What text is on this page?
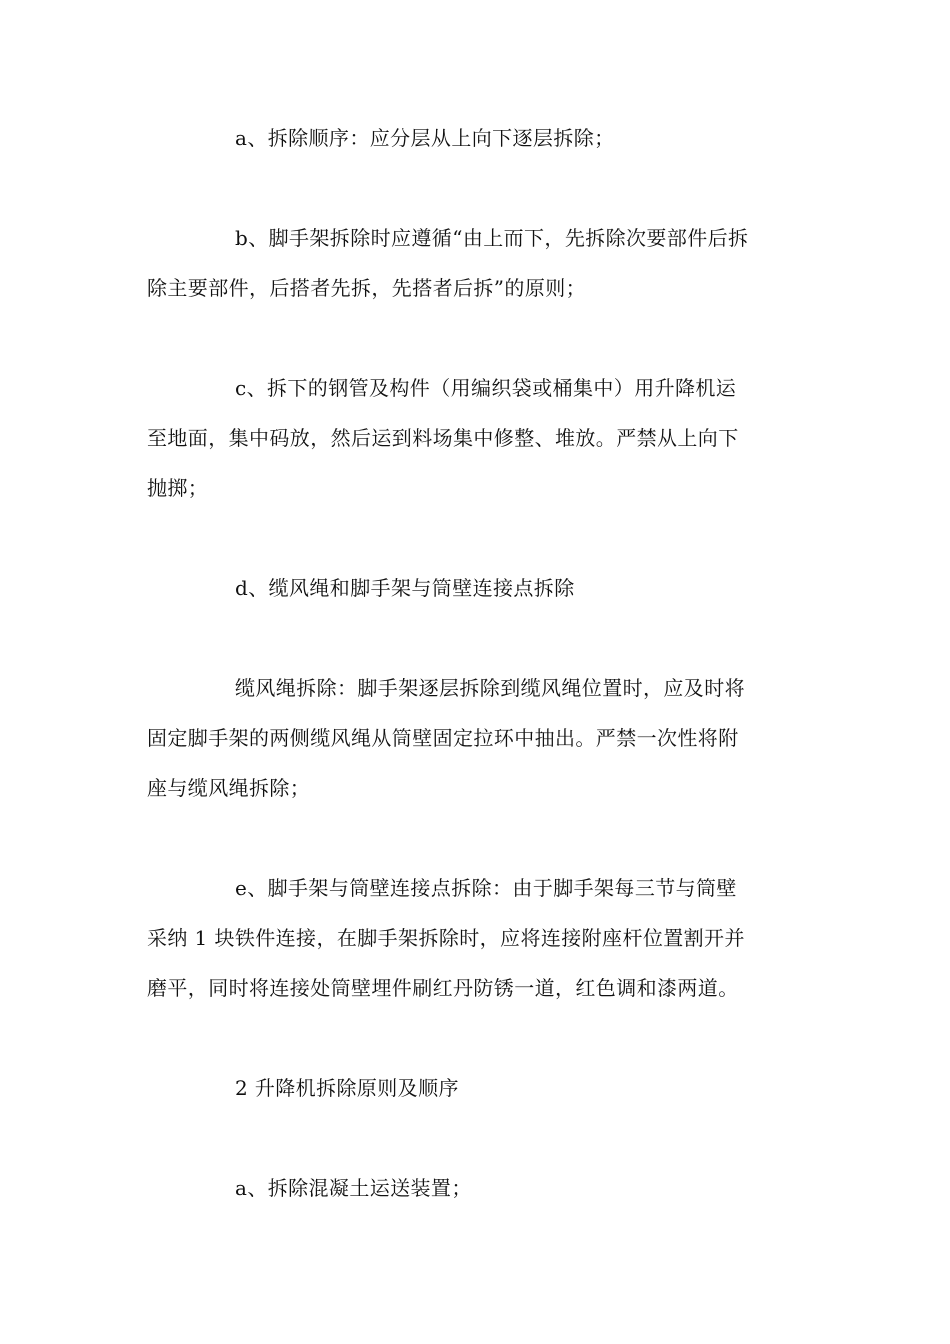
a、拆除顺序：应分层从上向下逐层拆除；
b、脚手架拆除时应遵循“由上而下，先拆除次要部件后拆
除主要部件，后搭者先拆，先搭者后拆”的原则；
c、拆下的钢管及构件（用编织袋或桶集中）用升降机运
至地面，集中码放，然后运到料场集中修整、堆放。严禁从上向下
抛掷；
d、缆风绳和脚手架与筒壁连接点拆除
缆风绳拆除：脚手架逐层拆除到缆风绳位置时，应及时将
固定脚手架的两侧缆风绳从筒壁固定拉环中抽出。严禁一次性将附
座与缆风绳拆除；
e、脚手架与筒壁连接点拆除：由于脚手架每三节与筒壁
采纳 1 块铁件连接，在脚手架拆除时，应将连接附座杆位置割开并
磨平，同时将连接处筒壁埋件刷红丹防锈一道，红色调和漆两道。
2 升降机拆除原则及顺序
a、拆除混凝土运送装置；
